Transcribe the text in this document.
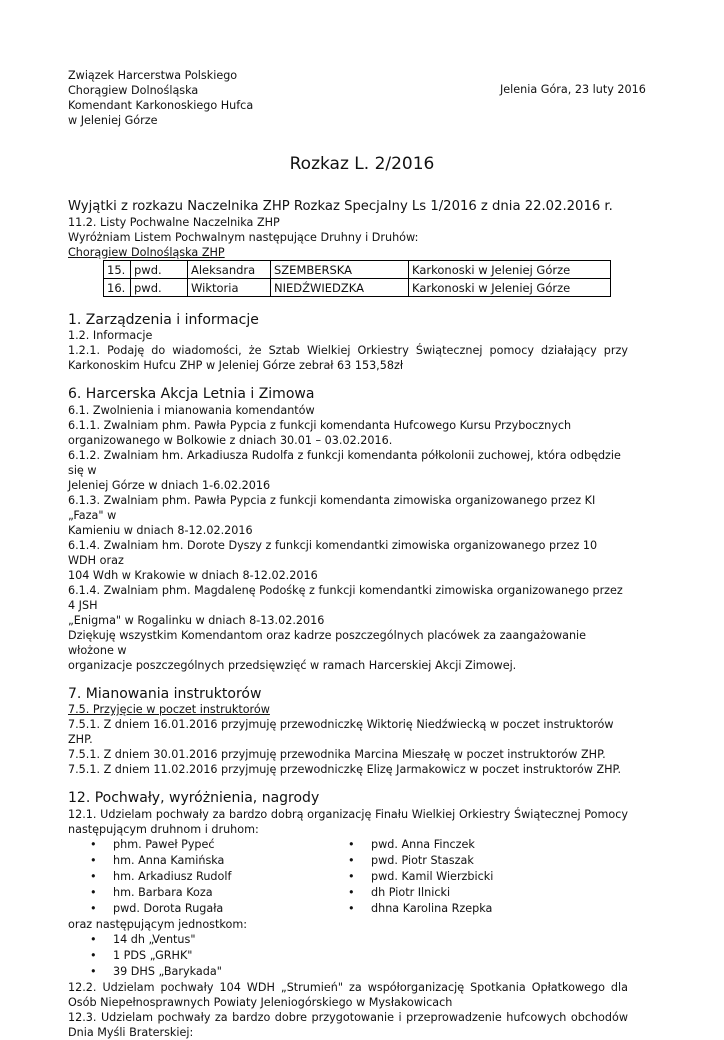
Związek Harcerstwa Polskiego
Chorągiew Dolnośląska
Komendant Karkonoskiego Hufca
w Jeleniej Górze
Jelenia Góra, 23 luty 2016
Rozkaz L. 2/2016
Wyjątki z rozkazu Naczelnika ZHP Rozkaz Specjalny Ls 1/2016 z dnia 22.02.2016 r.
11.2. Listy Pochwalne Naczelnika ZHP
Wyróżniam Listem Pochwalnym następujące Druhny i Druhów:
Chorągiew Dolnośląska ZHP
15.	pwd.	Aleksandra	SZEMBERSKA	Karkonoski w Jeleniej Górze
16.	pwd.	Wiktoria	NIEDŹWIEDZKA	Karkonoski w Jeleniej Górze
1. Zarządzenia i informacje
1.2. Informacje
1.2.1. Podaję do wiadomości, że Sztab Wielkiej Orkiestry Świątecznej pomocy działający przy Karkonoskim Hufcu ZHP w Jeleniej Górze zebrał 63 153,58zł
6. Harcerska Akcja Letnia i Zimowa
6.1. Zwolnienia i mianowania komendantów
6.1.1. Zwalniam phm. Pawła Pypcia z funkcji komendanta Hufcowego Kursu Przybocznych
organizowanego w Bolkowie z dniach 30.01 – 03.02.2016.
6.1.2. Zwalniam hm. Arkadiusza Rudolfa z funkcji komendanta półkolonii zuchowej, która odbędzie się w
Jeleniej Górze w dniach 1-6.02.2016
6.1.3. Zwalniam phm. Pawła Pypcia z funkcji komendanta zimowiska organizowanego przez KI „Faza" w
Kamieniu w dniach 8-12.02.2016
6.1.4. Zwalniam hm. Dorote Dyszy z funkcji komendantki zimowiska organizowanego przez 10 WDH oraz
104 Wdh w Krakowie w dniach 8-12.02.2016
6.1.4. Zwalniam phm. Magdalenę Podośkę z funkcji komendantki zimowiska organizowanego przez 4 JSH
„Enigma" w Rogalinku w dniach 8-13.02.2016
Dziękuję wszystkim Komendantom oraz kadrze poszczególnych placówek za zaangażowanie włożone w
organizacje poszczególnych przedsięwzięć w ramach Harcerskiej Akcji Zimowej.
7. Mianowania instruktorów
7.5. Przyjęcie w poczet instruktorów
7.5.1. Z dniem 16.01.2016 przyjmuję przewodniczkę Wiktorię Niedźwiecką w poczet instruktorów ZHP.
7.5.1. Z dniem 30.01.2016 przyjmuję przewodnika Marcina Mieszałę w poczet instruktorów ZHP.
7.5.1. Z dniem 11.02.2016 przyjmuję przewodniczkę Elizę Jarmakowicz w poczet instruktorów ZHP.
12. Pochwały, wyróżnienia, nagrody
12.1. Udzielam pochwały za bardzo dobrą organizację Finału Wielkiej Orkiestry Świątecznej Pomocy następującym druhnom i druhom:
• phm. Paweł Pypeć
• hm. Anna Kamińska
• hm. Arkadiusz Rudolf
• hm. Barbara Koza
• pwd. Dorota Rugała
• pwd. Anna Finczek
• pwd. Piotr Staszak
• pwd. Kamil Wierzbicki
• dh Piotr Ilnicki
• dhna Karolina Rzepka
oraz następującym jednostkom:
• 14 dh „Ventus"
• 1 PDS „GRHK"
• 39 DHS „Barykada"
12.2. Udzielam pochwały 104 WDH „Strumień" za współorganizację Spotkania Opłatkowego dla Osób Niepełnosprawnych Powiaty Jeleniogórskiego w Mysłakowicach
12.3. Udzielam pochwały za bardzo dobre przygotowanie i przeprowadzenie hufcowych obchodów Dnia Myśli Braterskiej:
